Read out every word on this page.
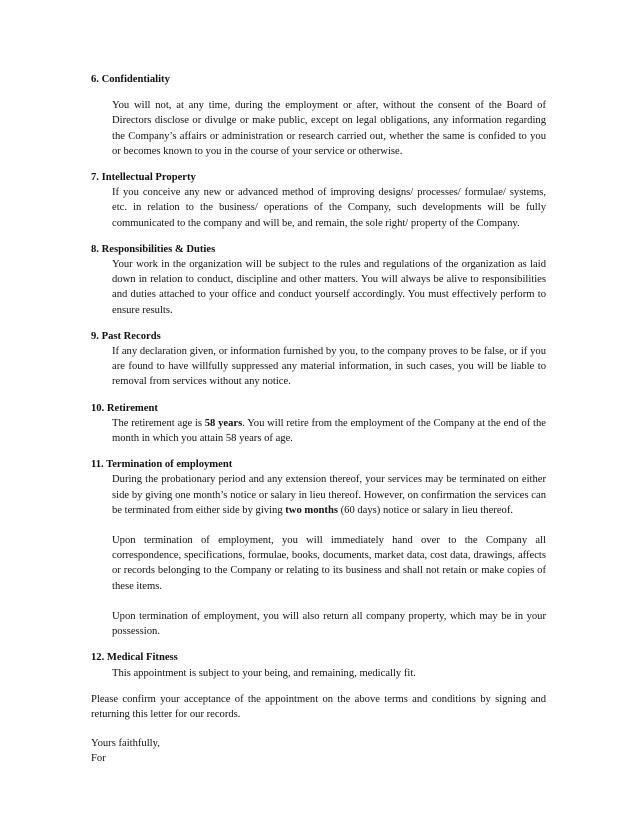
6. Confidentiality

You will not, at any time, during the employment or after, without the consent of the Board of Directors disclose or divulge or make public, except on legal obligations, any information regarding the Company’s affairs or administration or research carried out, whether the same is confided to you or becomes known to you in the course of your service or otherwise.

7. Intellectual Property

If you conceive any new or advanced method of improving designs/ processes/ formulae/ systems, etc. in relation to the business/ operations of the Company, such developments will be fully communicated to the company and will be, and remain, the sole right/ property of the Company.

8. Responsibilities & Duties

Your work in the organization will be subject to the rules and regulations of the organization as laid down in relation to conduct, discipline and other matters. You will always be alive to responsibilities and duties attached to your office and conduct yourself accordingly. You must effectively perform to ensure results.

9. Past Records

If any declaration given, or information furnished by you, to the company proves to be false, or if you are found to have willfully suppressed any material information, in such cases, you will be liable to removal from services without any notice.

10. Retirement

The retirement age is 58 years. You will retire from the employment of the Company at the end of the month in which you attain 58 years of age.

11. Termination of employment

During the probationary period and any extension thereof, your services may be terminated on either side by giving one month’s notice or salary in lieu thereof. However, on confirmation the services can be terminated from either side by giving two months (60 days) notice or salary in lieu thereof.

Upon termination of employment, you will immediately hand over to the Company all correspondence, specifications, formulae, books, documents, market data, cost data, drawings, affects or records belonging to the Company or relating to its business and shall not retain or make copies of these items.

Upon termination of employment, you will also return all company property, which may be in your possession.

12. Medical Fitness

This appointment is subject to your being, and remaining, medically fit.

Please confirm your acceptance of the appointment on the above terms and conditions by signing and returning this letter for our records.

Yours faithfully,

For
